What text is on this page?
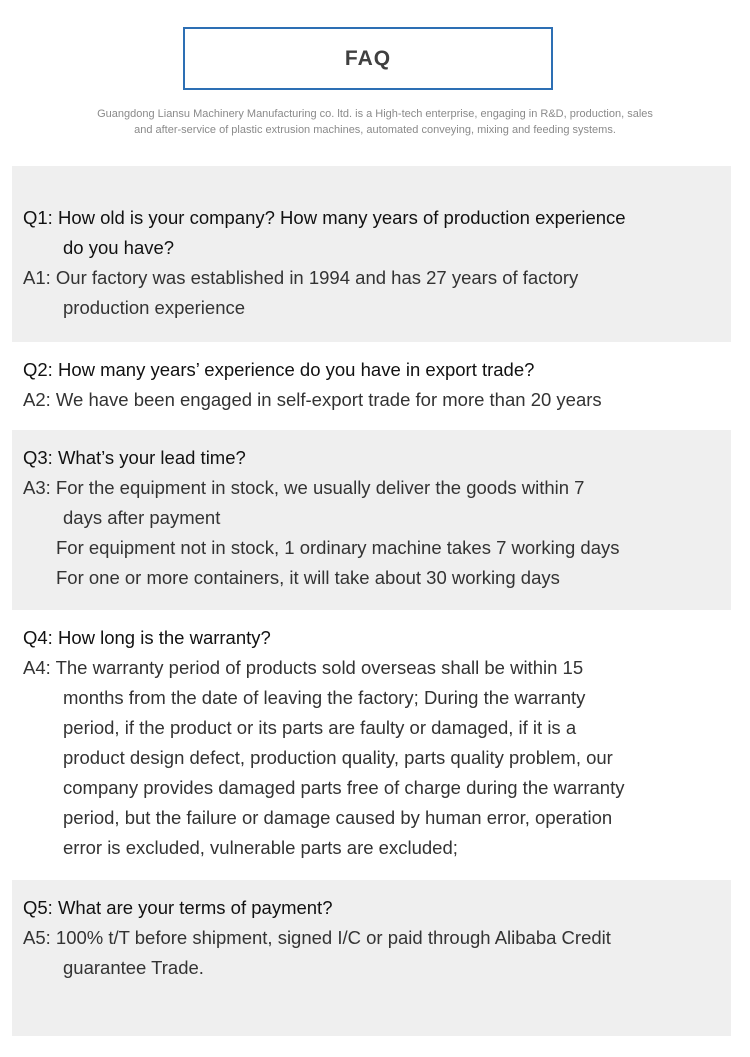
FAQ
Guangdong Liansu Machinery Manufacturing co. ltd. is a High-tech enterprise, engaging in R&D, production, sales
and after-service of plastic extrusion machines, automated conveying, mixing and feeding systems.
Q1: How old is your company? How many years of production experience
do you have?
A1: Our factory was established in 1994 and has 27 years of factory
production experience
Q2: How many years’ experience do you have in export trade?
A2: We have been engaged in self-export trade for more than 20 years
Q3: What’s your lead time?
A3: For the equipment in stock, we usually deliver the goods within 7
days after payment
For equipment not in stock, 1 ordinary machine takes 7 working days
For one or more containers, it will take about 30 working days
Q4: How long is the warranty?
A4: The warranty period of products sold overseas shall be within 15
months from the date of leaving the factory; During the warranty
period, if the product or its parts are faulty or damaged, if it is a
product design defect, production quality, parts quality problem, our
company provides damaged parts free of charge during the warranty
period, but the failure or damage caused by human error, operation
error is excluded, vulnerable parts are excluded;
Q5: What are your terms of payment?
A5: 100% t/T before shipment, signed I/C or paid through Alibaba Credit
guarantee Trade.
